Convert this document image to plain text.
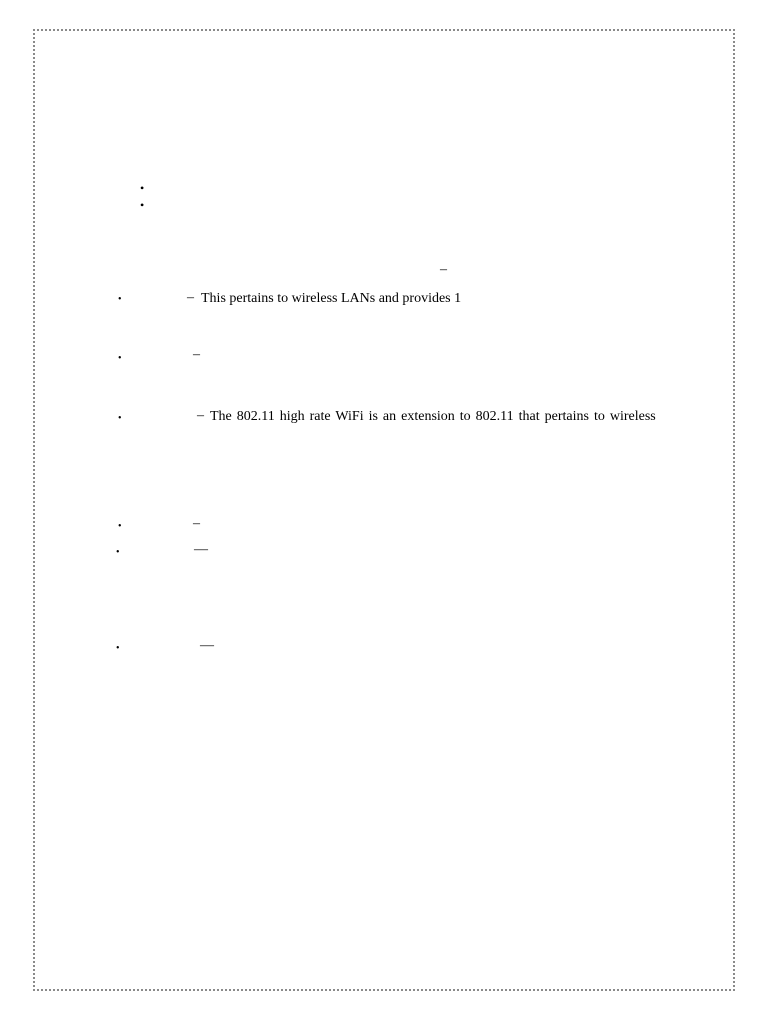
•
•
–
•	– This pertains to wireless LANs and provides 1
•	–
•	– The 802.11 high rate WiFi is an extension to 802.11 that pertains to wireless
•	–
•	—
•	—
